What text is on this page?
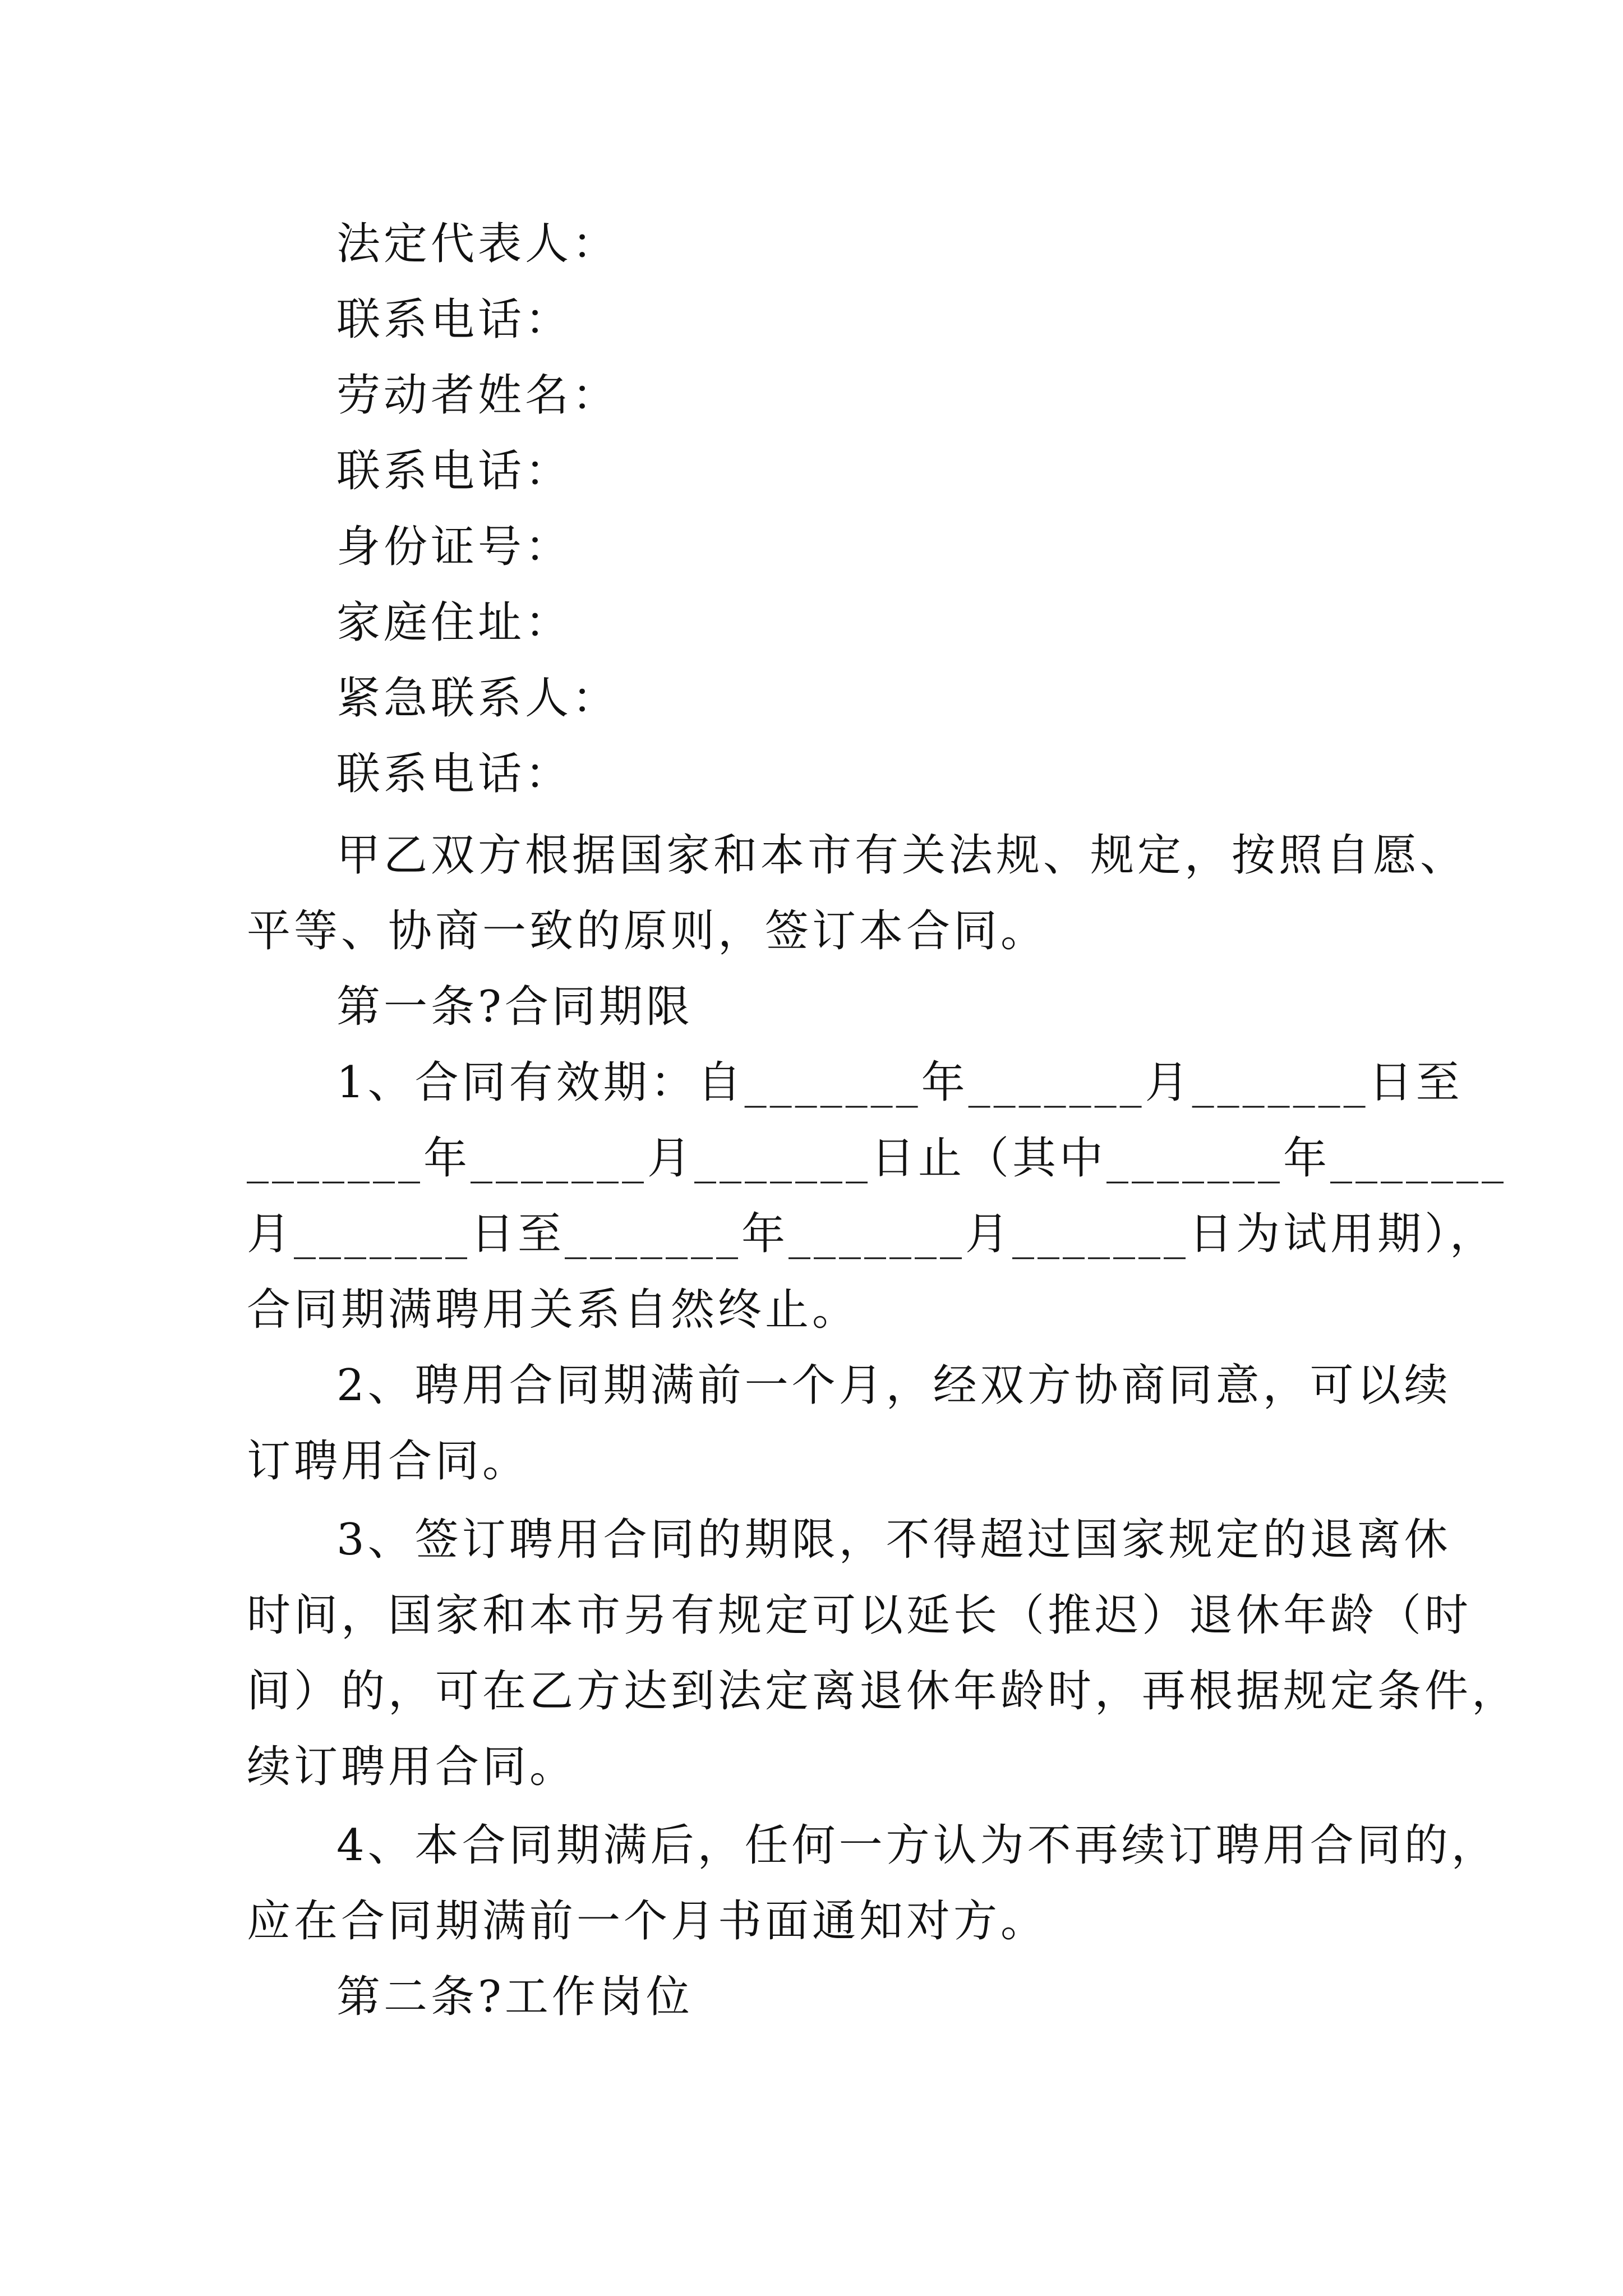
法定代表人：
联系电话：
劳动者姓名：
联系电话：
身份证号：
家庭住址：
紧急联系人：
联系电话：
甲乙双方根据国家和本市有关法规、规定，按照自愿、
平等、协商一致的原则，签订本合同。
第一条?合同期限
1、合同有效期：自_______年_______月_______日至
_______年_______月_______日止（其中_______年_______
月_______日至_______年_______月_______日为试用期），
合同期满聘用关系自然终止。
2、聘用合同期满前一个月，经双方协商同意，可以续
订聘用合同。
3、签订聘用合同的期限，不得超过国家规定的退离休
时间，国家和本市另有规定可以延长（推迟）退休年龄（时
间）的，可在乙方达到法定离退休年龄时，再根据规定条件，
续订聘用合同。
4、本合同期满后，任何一方认为不再续订聘用合同的，
应在合同期满前一个月书面通知对方。
第二条?工作岗位
